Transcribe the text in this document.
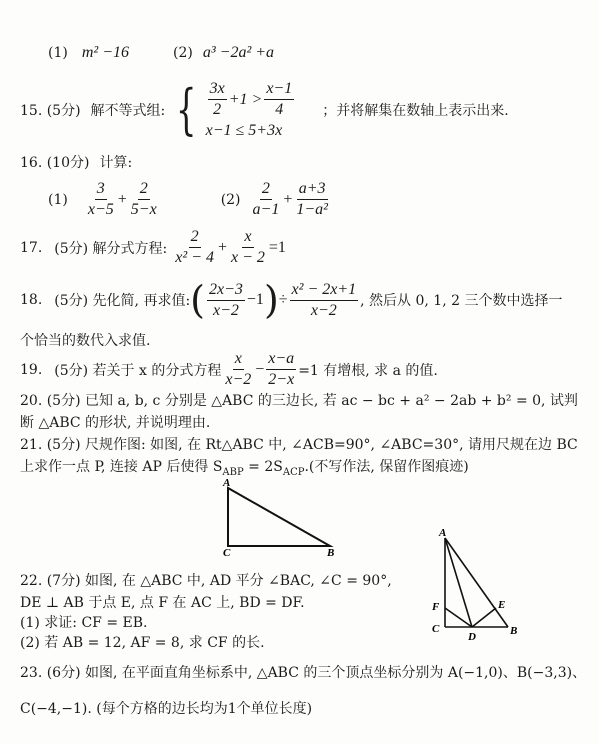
(1) m² −16	(2) a³ −2a² +a
15. (5分) 解不等式组: { $\frac{3x}{2} +1 > \frac{x-1}{4}$
x−1 ≤ 5+3x
；并将解集在数轴上表示出来.
16. (10分) 计算:
$(1) \frac{3}{x-5} + \frac{2}{5-x}$	$(2) \frac{2}{a-1} + \frac{a+3}{\text{1−a²}}$
17. (5分) 解分式方程: $\frac{2}{\text{x² − 4}} + \frac{x}{x - 2} =1$
18. (5分) 先化简, 再求值: ( $\frac{2x-3}{x-2} -1$ ) ÷ $\frac{\text{x² − 2x+1}}{x-2}$ , 然后从 0, 1, 2 三个数中选择一
个恰当的数代入求值.
19. (5分) 若关于 x 的分式方程 $\frac{x}{x-2} - \frac{x-a}{2-x} =1$ 有增根, 求 a 的值.
20. (5分) 已知 a, b, c 分别是 △ABC 的三边长, 若 ac − bc + a² − 2ab + b² = 0, 试判
断 △ABC 的形状, 并说明理由.
21. (5分) 尺规作图: 如图, 在 Rt△ABC 中, ∠ACB=90°, ∠ABC=30°, 请用尺规在边 BC
上求作一点 P, 连接 AP 后使得 $S_{ABP} = 2S_{ACP}$.(不写作法, 保留作图痕迹)
A
C	B
22. (7分) 如图, 在 △ABC 中, AD 平分 ∠BAC, ∠C = 90°,
DE ⊥ AB 于点 E, 点 F 在 AC 上, BD = DF.
(1) 求证: CF = EB.
(2) 若 AB = 12, AF = 8, 求 CF 的长.
A
F	E
C
D	B
23. (6分) 如图, 在平面直角坐标系中, △ABC 的三个顶点坐标分别为 A(−1,0)、B(−3,3)、
C(−4,−1). (每个方格的边长均为1个单位长度)
